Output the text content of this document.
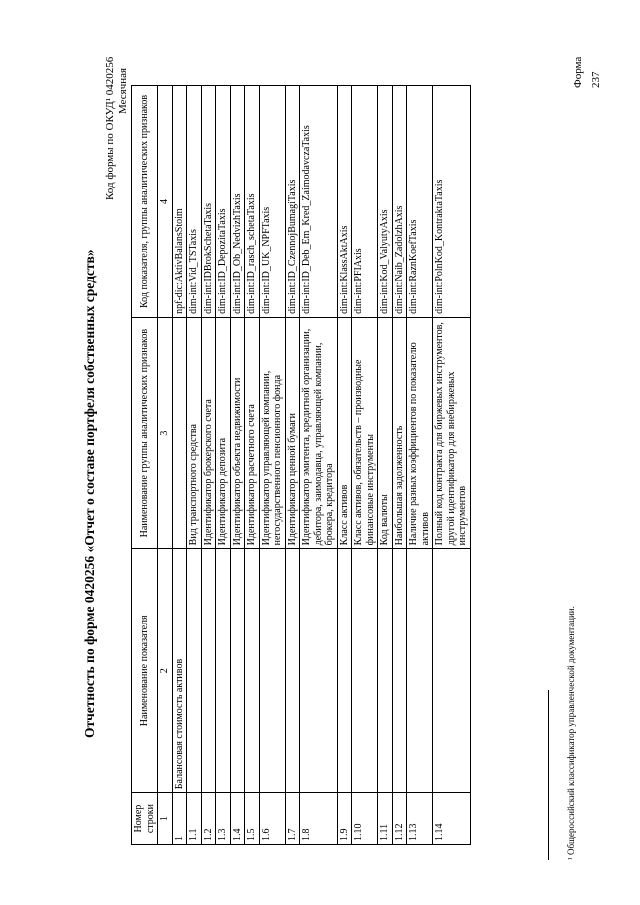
Форма 237
Отчетность по форме 0420256 «Отчет о составе портфеля собственных средств»
Код формы по ОКУД¹ 0420256 Месячная
Номер строки	Наименование показателя	Наименование группы аналитических признаков	Код показателя, группы аналитических признаков
1	2	3	4
1	Балансовая стоимость активов		npf-dic:AktivBalansStoim
1.1		Вид транспортного средства	dim-int:Vid_TSTaxis
1.2		Идентификатор брокерского счета	dim-int:IDBrokSchetaTaxis
1.3		Идентификатор депозита	dim-int:ID_DepozitaTaxis
1.4		Идентификатор объекта недвижимости	dim-int:ID_Ob_NedvizhTaxis
1.5		Идентификатор расчетного счета	dim-int:ID_rasch_schetaTaxis
1.6		Идентификатор управляющей компании, негосударственного пенсионного фонда	dim-int:ID_UK_NPFTaxis
1.7		Идентификатор ценной бумаги	dim-int:ID_CzennojBumagiTaxis
1.8		Идентификатор эмитента, кредитной организации, дебитора, заимодавца, управляющей компании, брокера, кредитора	dim-int:ID_Deb_Em_Kred_ZaimodavczaTaxis
1.9		Класс активов	dim-int:KlassAktAxis
1.10		Класс активов, обязательств – производные финансовые инструменты	dim-int:PFIAxis
1.11		Код валюты	dim-int:Kod_ValyutyAxis
1.12		Наибольшая задолженность	dim-int:Naib_ZadolzhAxis
1.13		Наличие разных коэффициентов по показателю активов	dim-int:RaznKoefTaxis
1.14		Полный код контракта для биржевых инструментов, другой идентификатор для внебиржевых инструментов	dim-int:PolnKod_KontraktaTaxis
¹ Общероссийский классификатор управленческой документации.
